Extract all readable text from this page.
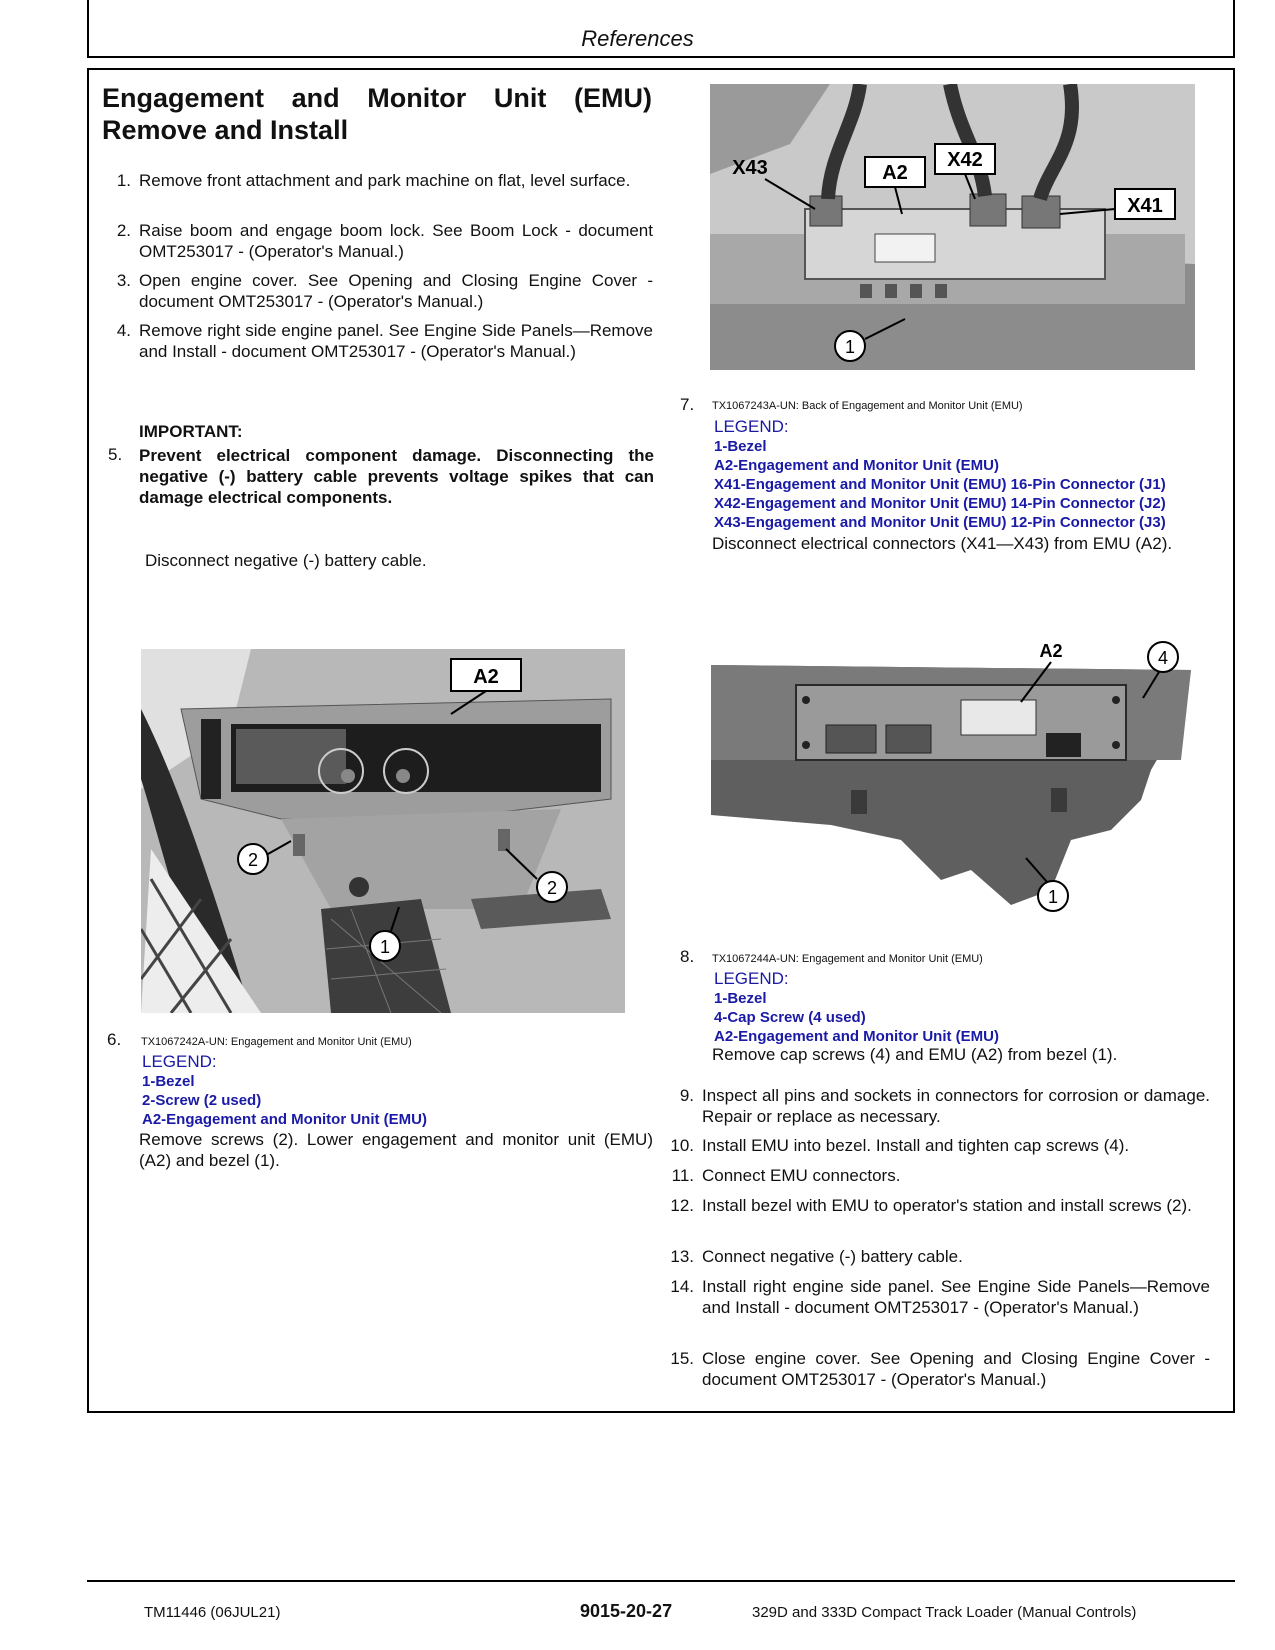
References
Engagement and Monitor Unit (EMU)
Remove and Install
1. Remove front attachment and park machine on flat, level surface.
2. Raise boom and engage boom lock. See Boom Lock - document OMT253017 - (Operator's Manual.)
3. Open engine cover. See Opening and Closing Engine Cover - document OMT253017 - (Operator's Manual.)
4. Remove right side engine panel. See Engine Side Panels—Remove and Install - document OMT253017 - (Operator's Manual.)
IMPORTANT:
5. Prevent electrical component damage. Disconnecting the negative (-) battery cable prevents voltage spikes that can damage electrical components.
Disconnect negative (-) battery cable.
A2
X42
X41
X43
1
7. TX1067243A-UN: Back of Engagement and Monitor Unit (EMU)
LEGEND:
1-Bezel
A2-Engagement and Monitor Unit (EMU)
X41-Engagement and Monitor Unit (EMU) 16-Pin Connector (J1)
X42-Engagement and Monitor Unit (EMU) 14-Pin Connector (J2)
X43-Engagement and Monitor Unit (EMU) 12-Pin Connector (J3)
Disconnect electrical connectors (X41—X43) from EMU (A2).
A2
2
2
1
6. TX1067242A-UN: Engagement and Monitor Unit (EMU)
LEGEND:
1-Bezel
2-Screw (2 used)
A2-Engagement and Monitor Unit (EMU)
Remove screws (2). Lower engagement and monitor unit (EMU) (A2) and bezel (1).
A2	4
1
8. TX1067244A-UN: Engagement and Monitor Unit (EMU)
LEGEND:
1-Bezel
4-Cap Screw (4 used)
A2-Engagement and Monitor Unit (EMU)
Remove cap screws (4) and EMU (A2) from bezel (1).
9. Inspect all pins and sockets in connectors for corrosion or damage. Repair or replace as necessary.
10. Install EMU into bezel. Install and tighten cap screws (4).
11. Connect EMU connectors.
12. Install bezel with EMU to operator's station and install screws (2).
13. Connect negative (-) battery cable.
14. Install right engine side panel. See Engine Side Panels—Remove and Install - document OMT253017 - (Operator's Manual.)
15. Close engine cover. See Opening and Closing Engine Cover - document OMT253017 - (Operator's Manual.)
TM11446 (06JUL21)	9015-20-27	329D and 333D Compact Track Loader (Manual Controls)
